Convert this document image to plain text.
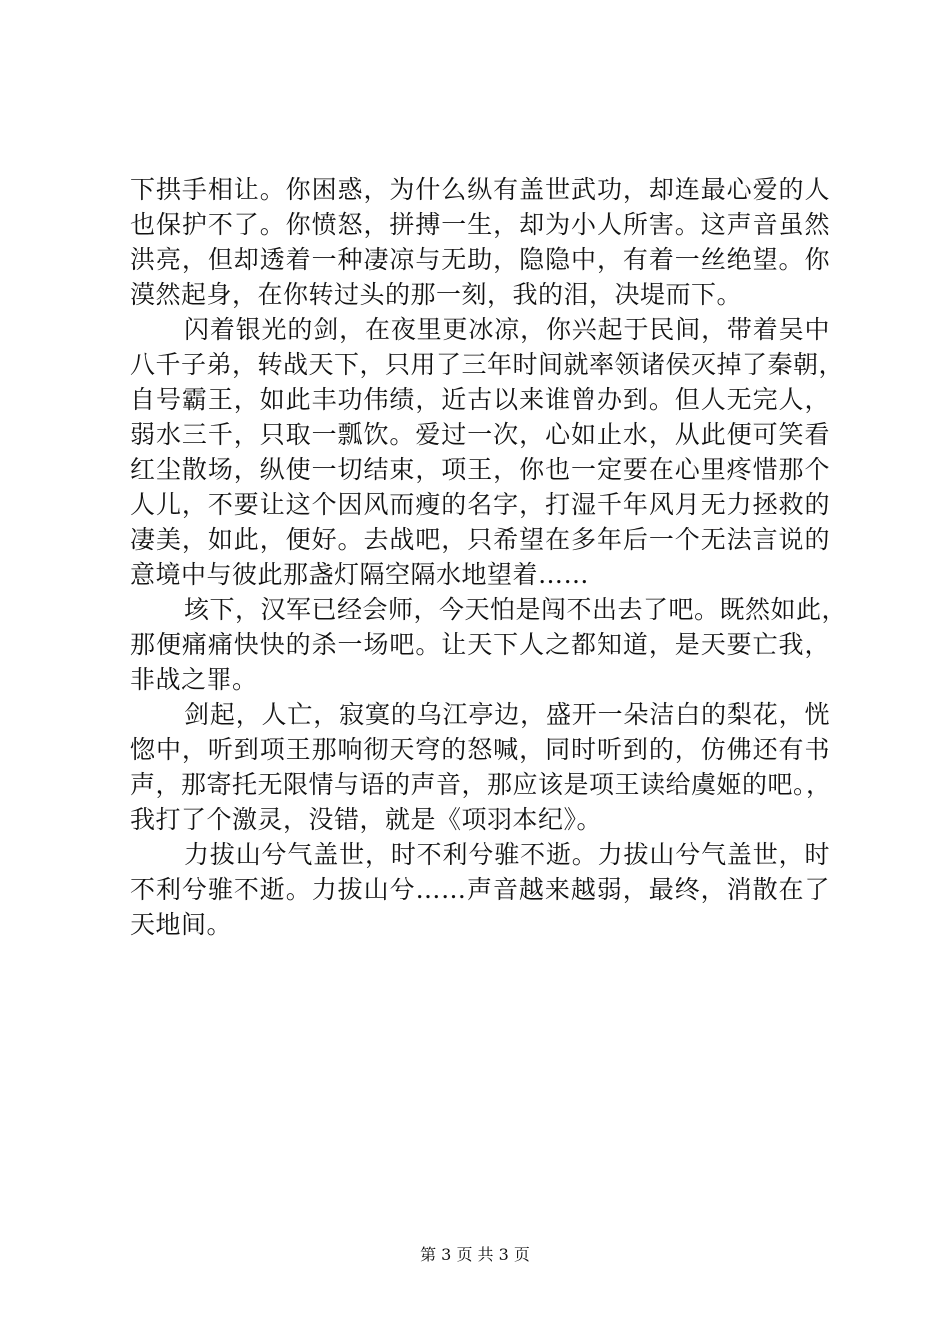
下拱手相让。你困惑，为什么纵有盖世武功，却连最心爱的人
也保护不了。你愤怒，拼搏一生，却为小人所害。这声音虽然
洪亮，但却透着一种凄凉与无助，隐隐中，有着一丝绝望。你
漠然起身，在你转过头的那一刻，我的泪，决堤而下。
闪着银光的剑，在夜里更冰凉，你兴起于民间，带着吴中
八千子弟，转战天下，只用了三年时间就率领诸侯灭掉了秦朝，
自号霸王，如此丰功伟绩，近古以来谁曾办到。但人无完人，
弱水三千，只取一瓢饮。爱过一次，心如止水，从此便可笑看
红尘散场，纵使一切结束，项王，你也一定要在心里疼惜那个
人儿，不要让这个因风而瘦的名字，打湿千年风月无力拯救的
凄美，如此，便好。去战吧，只希望在多年后一个无法言说的
意境中与彼此那盏灯隔空隔水地望着……
垓下，汉军已经会师，今天怕是闯不出去了吧。既然如此，
那便痛痛快快的杀一场吧。让天下人之都知道，是天要亡我，
非战之罪。
剑起，人亡，寂寞的乌江亭边，盛开一朵洁白的梨花，恍
惚中，听到项王那响彻天穹的怒喊，同时听到的，仿佛还有书
声，那寄托无限情与语的声音，那应该是项王读给虞姬的吧。，
我打了个激灵，没错，就是《项羽本纪》。
力拔山兮气盖世，时不利兮骓不逝。力拔山兮气盖世，时
不利兮骓不逝。力拔山兮……声音越来越弱，最终，消散在了
天地间。
第 3 页 共 3 页
